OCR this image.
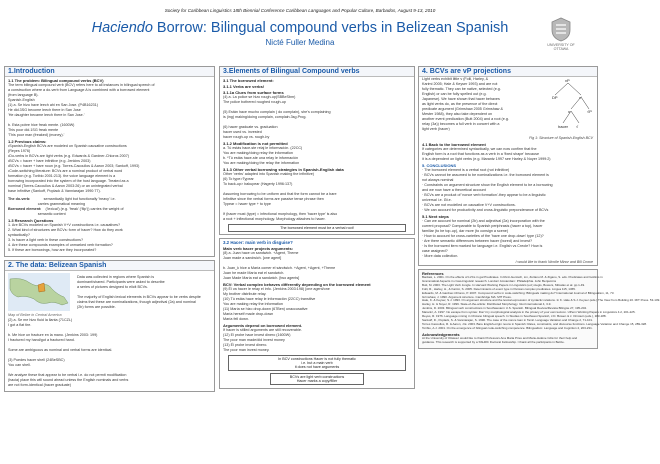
Society for Caribbean Linguistics 18th Biennial Conference Caribbean Languages and Popular Culture, Barbados, August 9-13, 2010
Haciendo Borrow: Bilingual compound verbs in Belizean Spanish
Nicté Fuller Medina	UNIVERSITY OF OTTAWA
1.Introduction
1.1 The problem: Bilingual compound verbs (BCV)
The term bilingual compound verb (BCV) refers here to all instances in bilingual speech of
a construction where a do-verb from Language A is combined with a borrowed element
(from language B).
Spanish-English
(1) a. Se hizo have leech ahi en San Jose. (P4B16231)
He did.3SG become leech there in San Jose
'He daughter became leech there in San Jose.'

b. Esta pobre hice freak mente. (1600W)
This poor did.1SG freak mente
'This poor man (freaked) (money).'
1.2 Previous claims:
•Spanish-English BCVs are modeled on Spanish causative constructions
(Reyes 1976)
•Do-verbs in BCVs are light verbs (e.g. Edwards & Gardner-Chloros 2007)
•BCVs = hacer + bare infinitive (e.g. Jenkins 2003)
•BCVs = hacer + bare noun (e.g. Torres-Cacoullos & Aaron 2003; Sankoff, 1993)
•Code-switching literature: BCVs are a nominal product of verbal word
formation (e.g. Toribio 2001:213). the voice language element is a
borrowing incorporated into the system of the host language. Treated as a
nominal (Torres-Cacoullos & Aaron 2003:26) or an unintegrated verbal
base infinitive (Sankoff, Poplack & Vanniarajan 1990:77).
The do-verb:	semantically light but functionally 'heavy' i.e.
carries grammatical meaning
Borrowed element: ('lexical') (e.g. 'freak' ('flip')) carries the weight of
semantic content
1.3 Research Questions
1. Are BCVs modeled on Spanish V+V constructions i.e. causatives?
2. What kind of structures are BCVs: form of hacer? How do they work
syntactically?
3. Is hacer a light verb in these constructions?
4. Are these compounds examples of unmarked verb formation?
5. If these are borrowings, how are they incorporated?
2. The data: Belizean Spanish
Data was collected in regions where Spanish is
dominant/shared. Participants were asked to describe
a series of pictures designed to elicit BCVs.

The majority of English lexical elements in BCVs appear to be verbs despite
claims that these are nominalizations, though adjectival (2a) and nominal
(2b) forms are possible.
Map of Belize in Central America
(2) a. Se me hizo fluid la llanta (71CZL)
I got a flat tire.

b. Me hice un fracture en la mano. (Jenkins 2003: 199)
I fractured my hand/got a fractured hand.

Some are ambiguous as nominal and verbal forms are identical.

(3) Puedes hacer shell (24BeSBC)
You can shell.

We analyze these that appear to be verbal i.e. do not permit modification
(hacia) place this will sound ahead unless the English nominals and verbs
are not form-identical (hacer graduate)
3.Elements of Bilingual Compound verbs
3.1 The borrowed element:
3.1.1 Verbs are verbs!
3.1.1a Clues from surface forms
(4) a. La police se hizo rough-up(SBBeSbm)
The police bothered roughed rough-up

(5) Están hace mucho complain ( do complain), she's complaining
is (ing) making/doing complain, complain.3sg.Prog.

(6) hacer graduate vs. graduation
hacer used vs. invested
hacer rough-up vs. rough-by
3.1.2 Modification is not permitted
a. Tú estás hace-ste relaj le información. (22CC)
You are making/doing relay the information
b. *Tú estás hace-ste una relay le información
You are making/doing the relay the information
3.1.3 Other verbal borrowing strategies in Spanish-English data
Other 'verbs' adapted into Spanish making the infinitive)
(6) To type>Typear
To back-up> bakupear (Hagerty 1996:137)

Assuming borrowing to be uniform and that the form cannot be a bare
infinitive since the verbal forms are passive tense phrase then
Typear = hacer type + to type

If (hacer must (type) = infectional morphology, then 'hacer type' is also
a root + inflectional morphology. Morphology attaches to hacer.
The borrowed element must be a verbal root!
3.2 Hacer: main verb in disguise?
Main verb hacer projects arguments:
(8) a. Juan hace un sandwich. +Agent, Theme
Juan made a sandwich. [one agent]

b. Juan_k hice a María comer el sándwich. +Agent, +Agent, +Theme
Juan he made María eat el sandwich.
Juan Made María eat a sandwich. [two agents]
BCV: Verbal complex behaves differently depending on the borrowed element
(9) Él va hacer le relay el info. (Jenkins 2003:198) [one agent/one
My brother distribute relay.
(10) Tú estás hace relay le información (22CC) transitive
You are making relay the information
(11) María se hizo drop-down (67Ben) unaccusative
María herself made drop-down
María fell down.
Arguments depend on borrowed element.
If hacer is stilled arguments are still recoverable.
(12) El probe hace invest dinero (1600W)
The poor man made/did invest money
(13) Él probe invest dinero.
The poor man invest money.
In BCV constructions Hacer is not fully thematic
i.e. but a main verb
it does not have arguments
BCVs are light verb constructions
Hacer marks a copy/filler
4. BCVs are vP projections
Light verbs exhibit little v (Folli, Harley, &
Karimi 2005; Hale & Keyser 1993) and are not
fully thematic. They can be native, selected (e.g.
English) or can be fully spelled out (e.g.
Japanese). We have shown that hacer behaves
as light verbs do, as the presence of the direct
predicate argument (Grimshaw 2005 Grimshaw &
Mester 1988), they also take dependent on
another event predication (Butt 2004) and a root (e.g.
relay (3a)) becomes a full verb in concert with a
light verb (hacer)
vP
DP	v'
v	√P
hacer √
Fig 1: Structure of Spanish-English BCV
4.1 Back to the borrowed element
If categories are determined syntactically, we can now confirm that the
English form is a root that functions as a verb in a 'fixed shape' because
it is a dependent on light verbs (e.g. Marantz 1997 see Harley & Noyer 1999:2)
5. CONCLUSIONS
· The borrowed element is a verbal root (not infinitive)
· BCVs cannot be assumed to be nominalizations i.e. the borrowed element is
not always nominal
· Constraints on argument structure show the English element to be a borrowing
and we now have a theoretical account
· BCVs are a product of 'nonce verb formation'-they appear to be a linguistic
universal i.e. l3t.e.
· BCVs are not modelled on causative V+V constructions.
· We can account for productivity and cross-linguistic preponderance of BCVs
5.1 Next steps
· Can we account for nominal (2b) and adjectival (2a) incorporation with the
current proposal? Comparable to Spanish periphrasis (hacer a top), hacer
familiar (to be top-up), dar more (to consign a scene)
· How to account for cross-varieties of the 'have one drop-down' type (12)?
· Are there semantic differences between hacer (bored) and invest?
· Is the borrowed item marked for language i.e. English vs Creole? How is
case assigned?
· More data collection.
I would like to thank Nicolle Minor and Bill Crowe
References
Bardasi, L. 2001. On the effects of LVCs in gal Predicates. In Ricci-Gentsch, Lin, Zurlanu M. & Zigano, S. eds. Predicates and Gotlims in
Grammatical Aspects in cross-linguistic research. London/ Amsterdam: Philadelphia. John Benjamins
Butt, M. 2003. The Light Verb Jungle. In Harvard Working Papers in Linguistics (ed.) Aegis, Bowers, Miloslav et al. pp.1-49.
Folli, R., Harley, H., & Karimi, S. 2005. Determinants of event type in Persian complex predicates. Lingua 115, 1365.
Edwards, M. & Gardner-Chloros, P. 2007. Compound verbs in code-switching: Bilinguals making do? International Journal of Bilingualism, 11, 73.
Grimshaw, J. 1990. Argument structure. Cambridge MA: MIT Press.
Hale, K. & Keyser, S.J. 1993. On argument structure and the lexical expression of syntactic relations. In K. Hale & S.J. Keyser (eds.) The View from Building 20. MIT Press. 53-109.
Harley, H. & Noyer, R. 1999. State-of-the-article: Distributed Morphology. Glot International 4, 3-9.
Jenkins, D. 2003. Bilingual verb constructions in Southwestern U.S. Spanish. Bilingual Review/Revista Bilingüe 27, 195-204.
Marantz, A. 1997. No escape from syntax: Don't try morphological analysis in the privacy of your own lexicon. UPenn Working Papers in Linguistics 4.2, 201-225.
Reyes, R. 1976. Language mixing in Chicano bilingual speech. In Studies in Southwest Spanish, J.D. Bowen & J. Ornstein (eds.), 183-188.
Sankoff, D., Poplack, S. & Vanniarajan, S. 1990. The case of the nonce loan in Tamil. Language Variation and Change 2, 71-101.
Torres Cacoullos, R. & Aaron, J.E. 2003. Bare English-origin nouns in Spanish: Rates, constraints, and discourse functions. Language Variation and Change 15, 289-328.
Toribio, A.J. 2001. On the emergence of bilingual code-switching competence. Bilingualism: Language and Cognition 4, 203-231.
Acknowledgements
At the University of Ottawa I would like to thank Professors Ana Maria Pires and Marie-Hélène Côté for their help and
guidance. This research is supported by a SSHRC Doctoral Fellowship. I thank all the participants in Belize.
